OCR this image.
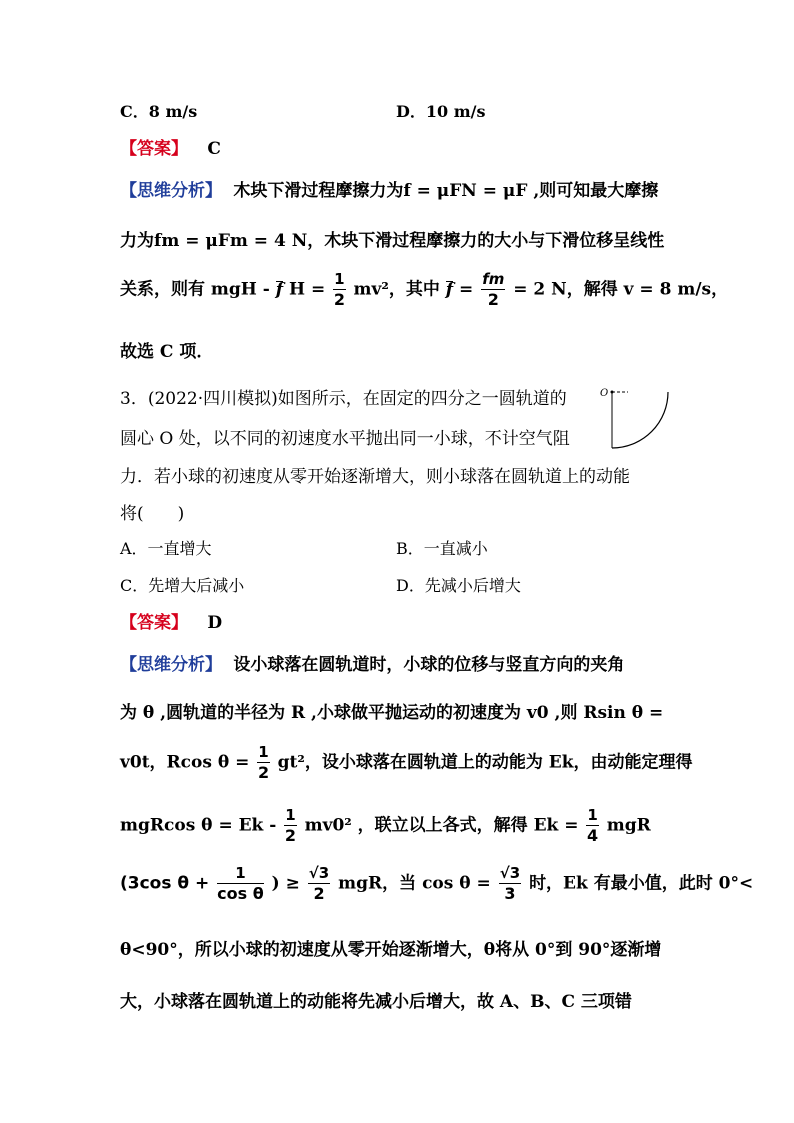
C．8 m/s	D．10 m/s
【答案】 C
【思维分析】 木块下滑过程摩擦力为f = μFN = μF ,则可知最大摩擦
力为fm = μFm = 4 N，木块下滑过程摩擦力的大小与下滑位移呈线性
关系，则有 mgH - f $H = \frac{1}{2} mv^2$，其中 $f = \frac{fm}{2} = 2$ N，解得 v = 8 m/s，
故选 C 项．
3．(2022·四川模拟)如图所示，在固定的四分之一圆轨道的
圆心 O 处，以不同的初速度水平抛出同一小球，不计空气阻
力．若小球的初速度从零开始逐渐增大，则小球落在圆轨道上的动能
将(　　)
O
A．一直增大	B．一直减小
C．先增大后减小	D．先减小后增大
【答案】 D
【思维分析】 设小球落在圆轨道时，小球的位移与竖直方向的夹角
为 θ ,圆轨道的半径为 R ,小球做平抛运动的初速度为 v0 ,则 Rsin θ =
v0t，Rcos $\theta = \frac{1}{2} gt^2$，设小球落在圆轨道上的动能为 Ek，由动能定理得
mgRcos $\theta = Ek - \frac{1}{2} mv0^2$ ，联立以上各式，解得 $Ek = \frac{1}{4}$ mgR
(3cos $\theta + \frac{1}{\text{cos θ}}$ ) ≥ $\frac{√3}{2}$ mgR，当 $\cos \theta = \frac{√3}{3}$ 时，Ek 有最小值，此时 0°<
θ<90°，所以小球的初速度从零开始逐渐增大，θ将从 0°到 90°逐渐增
大，小球落在圆轨道上的动能将先减小后增大，故 A、B、C 三项错
